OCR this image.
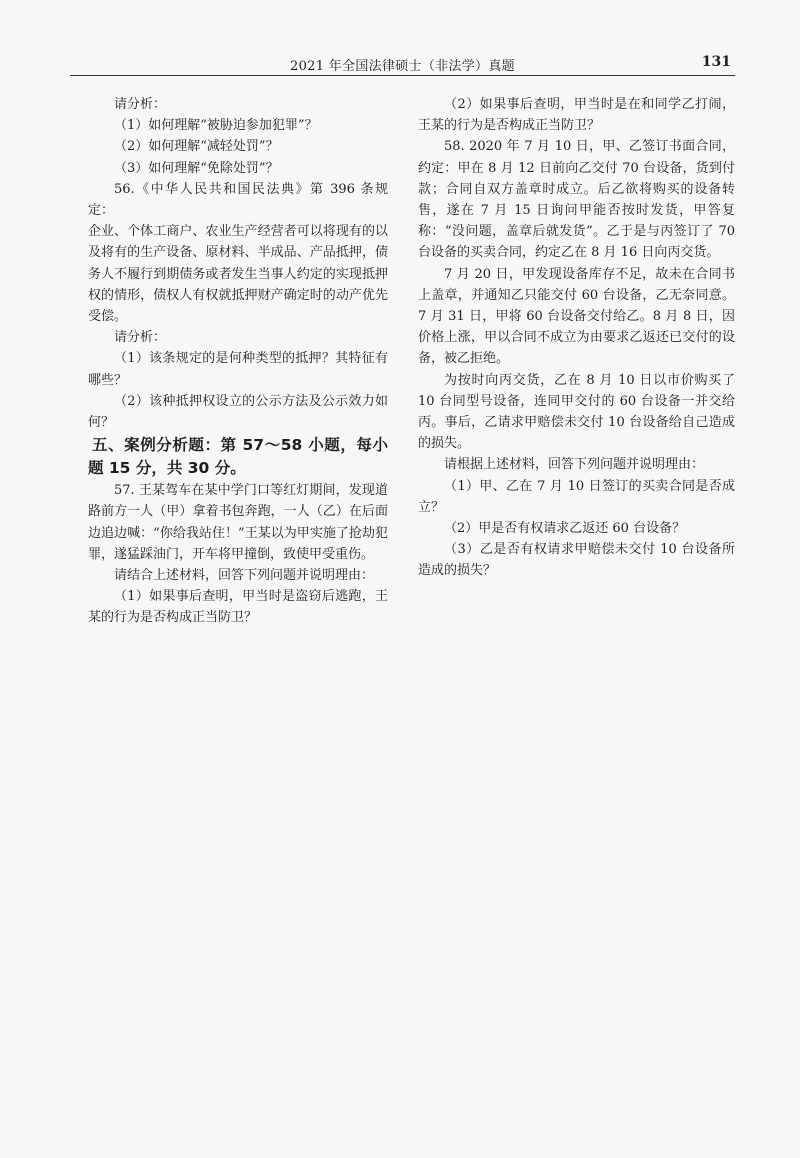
2021 年全国法律硕士（非法学）真题	131

请分析：

（1）如何理解“被胁迫参加犯罪”？

（2）如何理解“减轻处罚”？

（3）如何理解“免除处罚”？

56.《中华人民共和国民法典》第 396 条规定：

企业、个体工商户、农业生产经营者可以将现有的以及将有的生产设备、原材料、半成品、产品抵押，债务人不履行到期债务或者发生当事人约定的实现抵押权的情形，债权人有权就抵押财产确定时的动产优先受偿。

请分析：

（1）该条规定的是何种类型的抵押？其特征有哪些？

（2）该种抵押权设立的公示方法及公示效力如何？

五、案例分析题：第 57～58 小题，每小题 15 分，共 30 分。

57. 王某驾车在某中学门口等红灯期间，发现道路前方一人（甲）拿着书包奔跑，一人（乙）在后面边追边喊：“你给我站住！”王某以为甲实施了抢劫犯罪，遂猛踩油门，开车将甲撞倒，致使甲受重伤。

请结合上述材料，回答下列问题并说明理由：

（1）如果事后查明，甲当时是盗窃后逃跑，王某的行为是否构成正当防卫？

（2）如果事后查明，甲当时是在和同学乙打闹，王某的行为是否构成正当防卫？

58. 2020 年 7 月 10 日，甲、乙签订书面合同，约定：甲在 8 月 12 日前向乙交付 70 台设备，货到付款；合同自双方盖章时成立。后乙欲将购买的设备转售，遂在 7 月 15 日询问甲能否按时发货，甲答复称：“没问题，盖章后就发货”。乙于是与丙签订了 70 台设备的买卖合同，约定乙在 8 月 16 日向丙交货。

7 月 20 日，甲发现设备库存不足，故未在合同书上盖章，并通知乙只能交付 60 台设备，乙无奈同意。7 月 31 日，甲将 60 台设备交付给乙。8 月 8 日，因价格上涨，甲以合同不成立为由要求乙返还已交付的设备，被乙拒绝。

为按时向丙交货，乙在 8 月 10 日以市价购买了 10 台同型号设备，连同甲交付的 60 台设备一并交给丙。事后，乙请求甲赔偿未交付 10 台设备给自己造成的损失。

请根据上述材料，回答下列问题并说明理由：

（1）甲、乙在 7 月 10 日签订的买卖合同是否成立？

（2）甲是否有权请求乙返还 60 台设备？

（3）乙是否有权请求甲赔偿未交付 10 台设备所造成的损失？
